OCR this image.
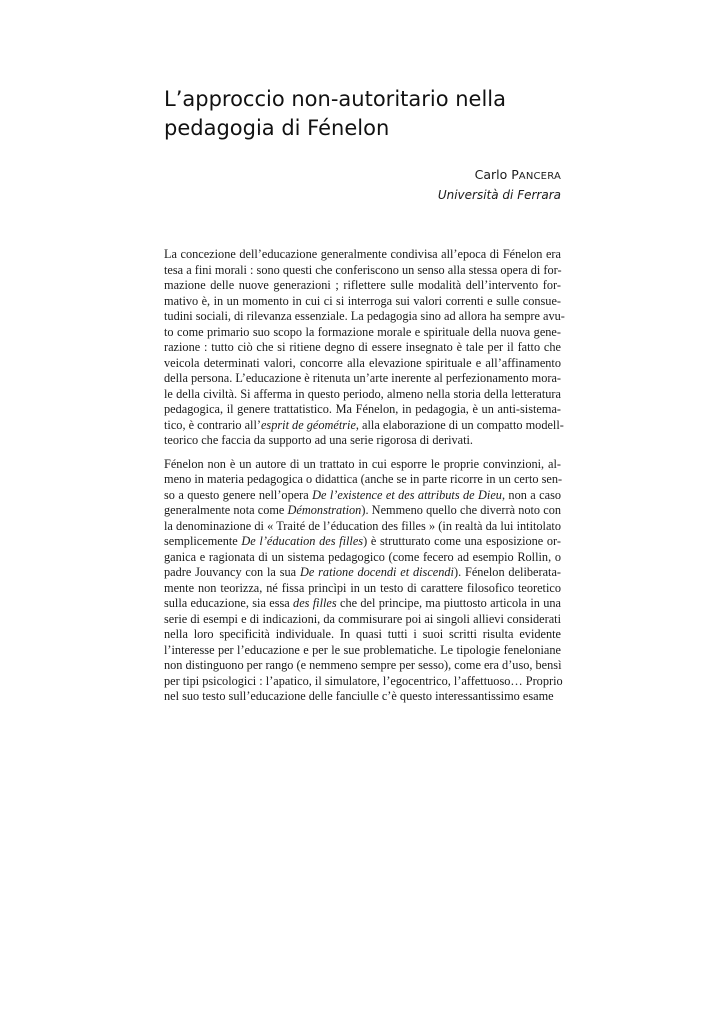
L’approccio non-autoritario nella
pedagogia di Fénelon
Carlo PANCERA
Università di Ferrara

La concezione dell’educazione generalmente condivisa all’epoca di Fénelon era
tesa a fini morali : sono questi che conferiscono un senso alla stessa opera di for-
mazione delle nuove generazioni ; riflettere sulle modalità dell’intervento for-
mativo è, in un momento in cui ci si interroga sui valori correnti e sulle consue-
tudini sociali, di rilevanza essenziale. La pedagogia sino ad allora ha sempre avu-
to come primario suo scopo la formazione morale e spirituale della nuova gene-
razione : tutto ciò che si ritiene degno di essere insegnato è tale per il fatto che
veicola determinati valori, concorre alla elevazione spirituale e all’affinamento
della persona. L’educazione è ritenuta un’arte inerente al perfezionamento mora-
le della civiltà. Si afferma in questo periodo, almeno nella storia della letteratura
pedagogica, il genere trattatistico. Ma Fénelon, in pedagogia, è un anti-sistema-
tico, è contrario all’esprit de géométrie, alla elaborazione di un compatto modell-
teorico che faccia da supporto ad una serie rigorosa di derivati.

Fénelon non è un autore di un trattato in cui esporre le proprie convinzioni, al-
meno in materia pedagogica o didattica (anche se in parte ricorre in un certo sen-
so a questo genere nell’opera De l’existence et des attributs de Dieu, non a caso
generalmente nota come Démonstration). Nemmeno quello che diverrà noto con
la denominazione di « Traité de l’éducation des filles » (in realtà da lui intitolato
semplicemente De l’éducation des filles) è strutturato come una esposizione or-
ganica e ragionata di un sistema pedagogico (come fecero ad esempio Rollin, o
padre Jouvancy con la sua De ratione docendi et discendi). Fénelon deliberata-
mente non teorizza, né fissa princìpi in un testo di carattere filosofico teoretico
sulla educazione, sia essa des filles che del principe, ma piuttosto articola in una
serie di esempi e di indicazioni, da commisurare poi ai singoli allievi considerati
nella loro specificità individuale. In quasi tutti i suoi scritti risulta evidente
l’interesse per l’educazione e per le sue problematiche. Le tipologie feneloniane
non distinguono per rango (e nemmeno sempre per sesso), come era d’uso, bensì
per tipi psicologici : l’apatico, il simulatore, l’egocentrico, l’affettuoso… Proprio
nel suo testo sull’educazione delle fanciulle c’è questo interessantissimo esame
